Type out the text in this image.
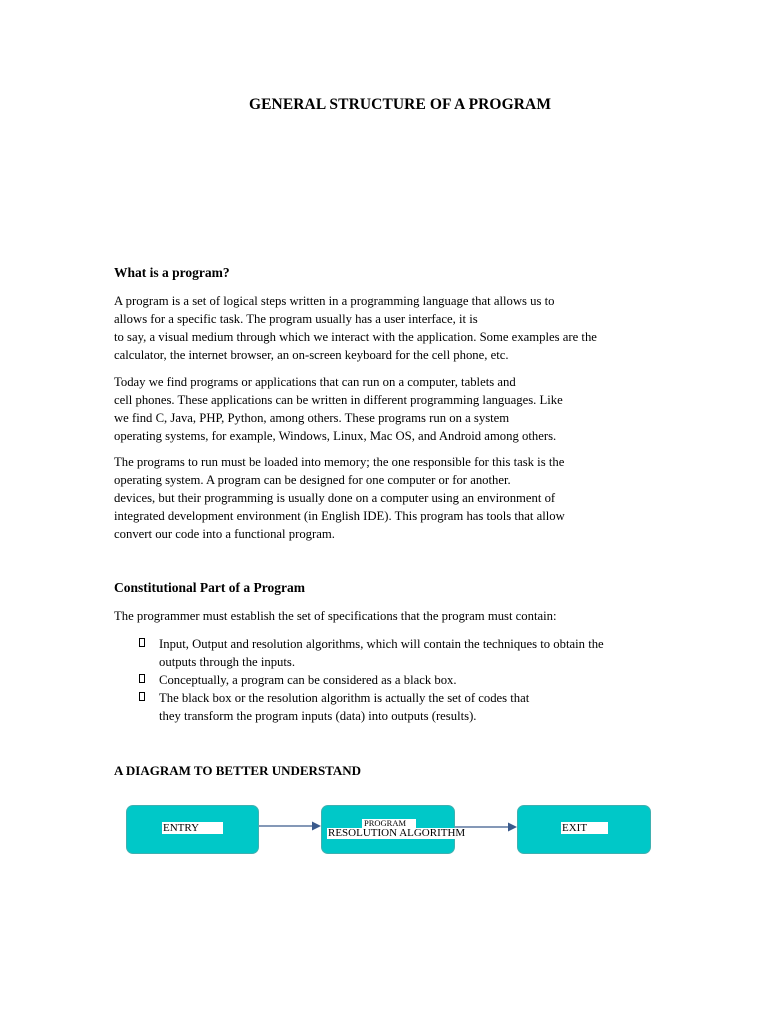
GENERAL STRUCTURE OF A PROGRAM
What is a program?

A program is a set of logical steps written in a programming language that allows us to
allows for a specific task. The program usually has a user interface, it is
to say, a visual medium through which we interact with the application. Some examples are the
calculator, the internet browser, an on-screen keyboard for the cell phone, etc.

Today we find programs or applications that can run on a computer, tablets and
cell phones. These applications can be written in different programming languages. Like
we find C, Java, PHP, Python, among others. These programs run on a system
operating systems, for example, Windows, Linux, Mac OS, and Android among others.

The programs to run must be loaded into memory; the one responsible for this task is the
operating system. A program can be designed for one computer or for another.
devices, but their programming is usually done on a computer using an environment of
integrated development environment (in English IDE). This program has tools that allow
convert our code into a functional program.

Constitutional Part of a Program

The programmer must establish the set of specifications that the program must contain:

Input, Output and resolution algorithms, which will contain the techniques to obtain the
outputs through the inputs.
Conceptually, a program can be considered as a black box.
The black box or the resolution algorithm is actually the set of codes that
they transform the program inputs (data) into outputs (results).
A DIAGRAM TO BETTER UNDERSTAND
ENTRY	PROGRAM
RESOLUTION ALGORITHM	EXIT
